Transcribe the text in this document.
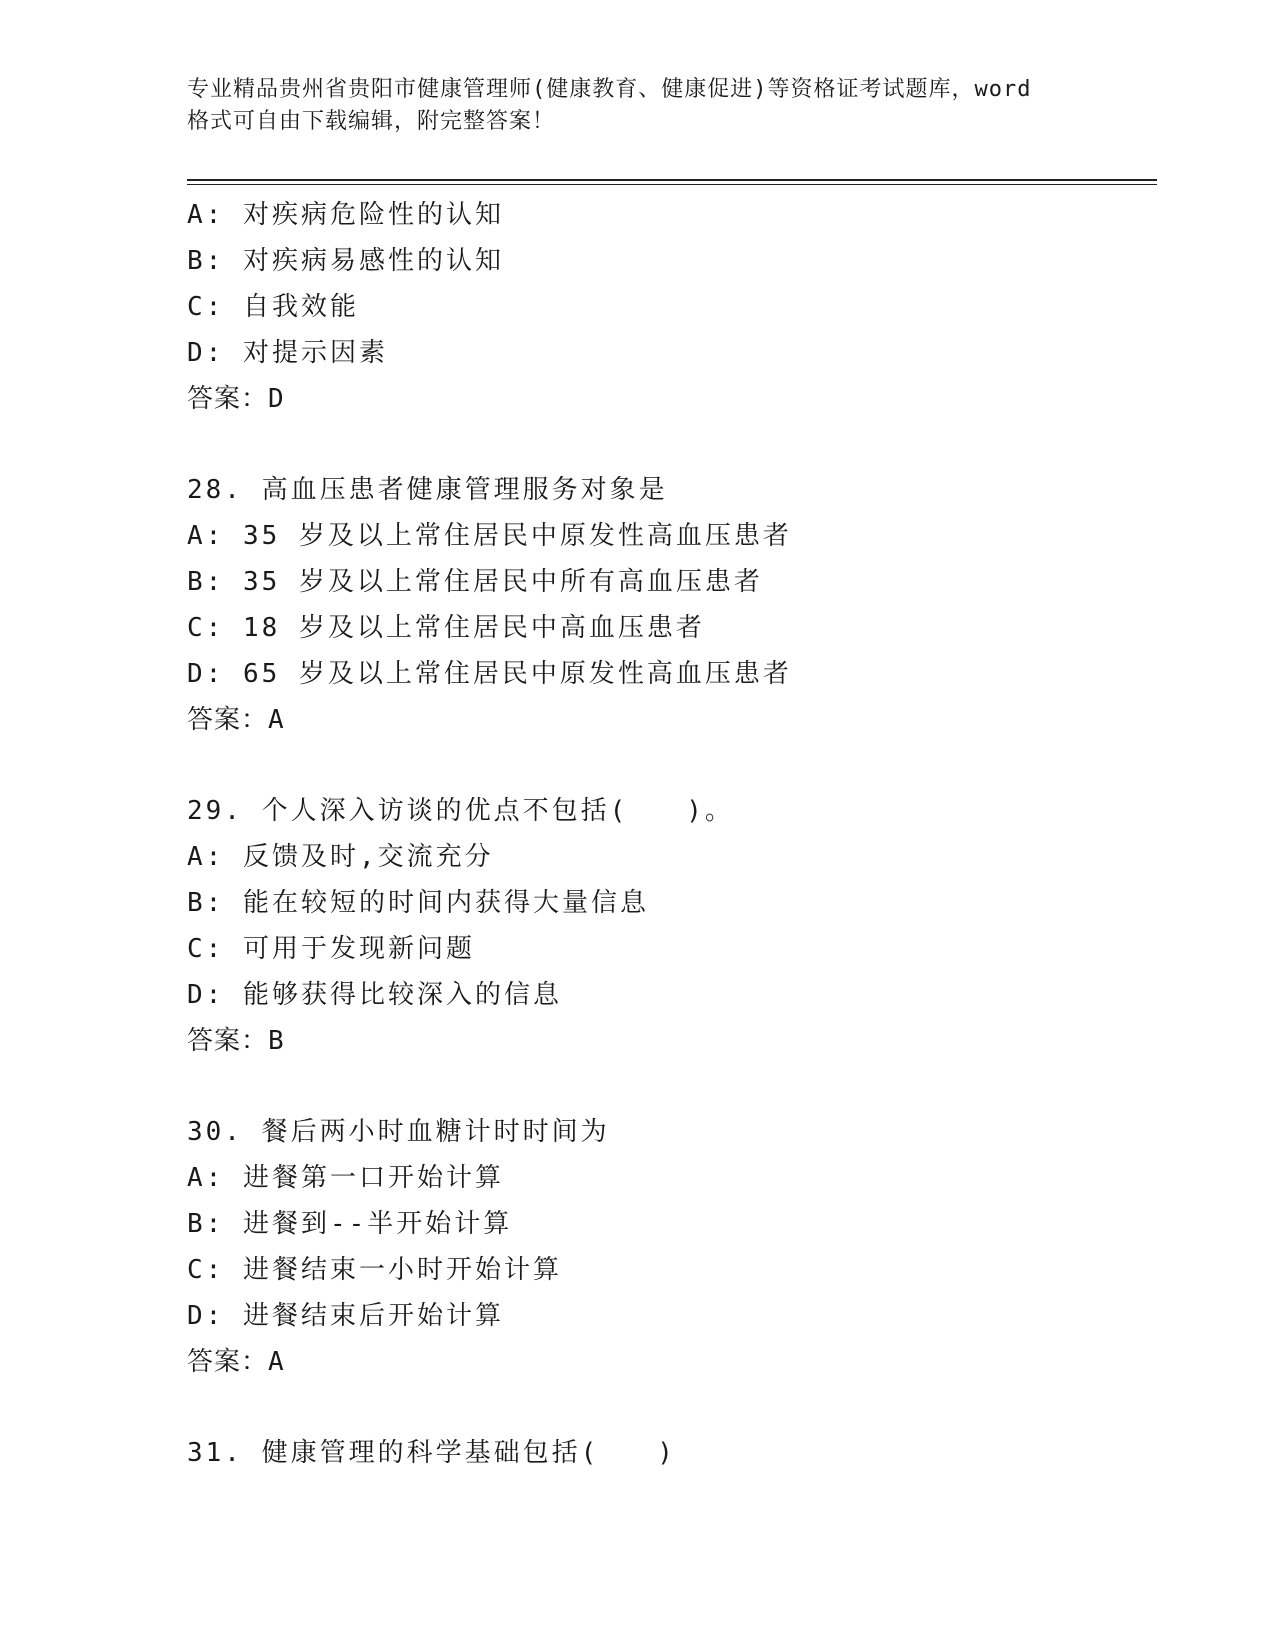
专业精品贵州省贵阳市健康管理师(健康教育、健康促进)等资格证考试题库，word
格式可自由下载编辑，附完整答案！
A: 对疾病危险性的认知
B: 对疾病易感性的认知
C: 自我效能
D: 对提示因素
答案：D
28. 高血压患者健康管理服务对象是
A: 35 岁及以上常住居民中原发性高血压患者
B: 35 岁及以上常住居民中所有高血压患者
C: 18 岁及以上常住居民中高血压患者
D: 65 岁及以上常住居民中原发性高血压患者
答案：A
29. 个人深入访谈的优点不包括(　　)。
A: 反馈及时,交流充分
B: 能在较短的时间内获得大量信息
C: 可用于发现新问题
D: 能够获得比较深入的信息
答案：B
30. 餐后两小时血糖计时时间为
A: 进餐第一口开始计算
B: 进餐到--半开始计算
C: 进餐结束一小时开始计算
D: 进餐结束后开始计算
答案：A
31. 健康管理的科学基础包括(　　)
